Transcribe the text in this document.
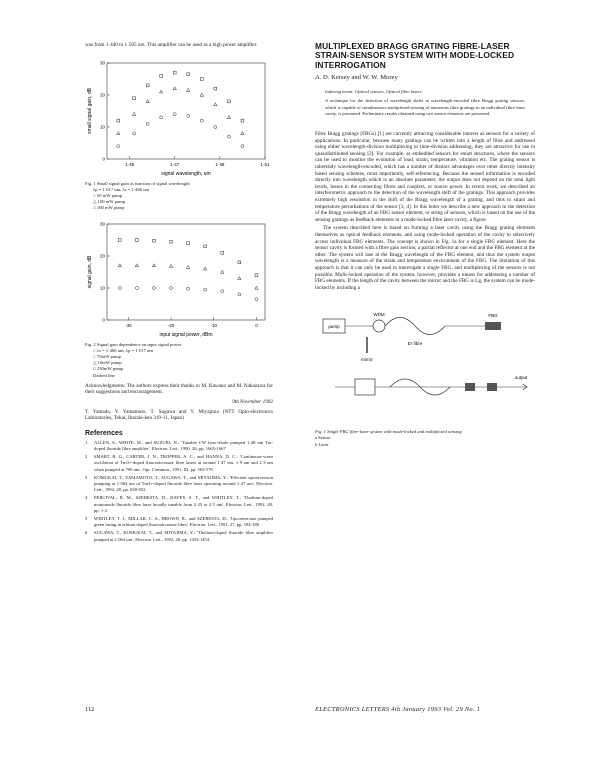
was from 1·440 to 1·505 um. This amplifier can be used as a high power amplifier.

small signal gain, dB
30
20
10
0
1·45	1·47	1·49	1·51
signal wavelength, um

Fig. 1 Small signal gain as function of signal wavelength

λp = 1·017 um, λs = 1·466 um

○ 50 mW pump

△ 100 mW pump

□ 160 mW pump

signal gain, dB
30
20
10
0
-30	-20	-10	0
input signal power, dBm

Fig. 2 Signal gain dependence on input signal power

○ λs = 1·466 um, λp = 1·017 um

○ 70mW pump

△ 10mW pump

□ 230mW pump

Dashed line

Acknowledgments: The authors express their thanks to M. Kawano and M. Nakazawa for their suggestions and encouragement.

9th November 1992

T. Yamada, Y. Yamamoto, T. Sugawa and Y. Miyajima (NTT Opto-electronics Laboratories, Tokai, Ibaraki-ken 319-11, Japan)

References
1	ALLEN, S., WHITE, M., and SUZUKI, N.: 'Tunable CW laser-diode pumped 1·48 um Tm-doped fluoride fibre amplifier', Electron. Lett., 1990, 26, pp. 1665-1667
2	SMART, R. G., CARTER, J. N., TROPPER, A. C., and HANNA, D. C.: 'Continuous-wave oscillation of Tm3+-doped fluorozirconate fibre lasers at around 1·47 um, 1·9 um and 2·3 um when pumped at 790 nm', Opt. Commun., 1991, 82, pp. 563-570
3	KOMUKAI, T., YAMAMOTO, T., SUGAWA, T., and MIYAJIMA, Y.: 'Efficient upconversion pumping at 1·064 um of Tm3+-doped fluoride fibre laser operating around 1·47 um', Electron. Lett., 1992, 28, pp. 830-832
4	PERCIVAL, R. M., SZEBESTA, D., DAVEY, S. T., and WHITLEY, T.: 'Thulium-doped monomode fluoride fibre laser broadly tunable from 2·25 to 2·5 um', Electron. Lett., 1992, 28, pp. 1-2
5	WHITLEY, T. J., MILLAR, C. A., BROWN, R., and SZEBESTA, D.: 'Upconversion pumped green lasing in erbium doped fluorozirconate fibre', Electron. Lett., 1991, 27, pp. 184-186
6	SUGAWA, T., KOMUKAI, T., and MIYAJIMA, Y.: 'Thulium-doped fluoride fibre amplifier pumped at 1·064 um', Electron. Lett., 1992, 26, pp. 1453-1454
MULTIPLEXED BRAGG GRATING FIBRE-LASER STRAIN-SENSOR SYSTEM WITH MODE-LOCKED INTERROGATION
A. D. Kersey and W. W. Morey

Indexing terms: Optical sensors, Optical fibre lasers

A technique for the detection of wavelength shifts in wavelength-encoded fibre Bragg grating sensors, which is capable of simultaneous multiplexed sensing of numerous fibre gratings in an individual fibre-laser cavity, is presented. Preliminary results obtained using two sensor elements are presented.

Fibre Bragg gratings (FBGs) [1] are currently attracting considerable interest as sensors for a variety of applications. In particular, because many gratings can be written into a length of fibre and addressed using either wavelength-division multiplexing or time-division addressing, they are attractive for use in quasidistributed sensing [2]. For example, as embedded sensors for smart structures, where the sensors can be used to monitor the evolution of load, strain, temperature, vibration etc. The grating sensor is inherently wavelength-encoded, which has a number of distinct advantages over other directly intensity based sensing schemes, most importantly, self-referencing. Because the sensed information is encoded directly into wavelength which is an absolute parameter, the output does not depend on the total light levels, losses in the connecting fibres and couplers, or source power. In recent work, we described an interferometric approach to the detection of the wavelength shift of the gratings. This approach provides extremely high resolution in the shift of the Bragg wavelength of a grating, and thus to strain and temperature perturbations of the sensor [3, 4]. In this letter we describe a new approach to the detection of the Bragg wavelength of an FBG sensor element, or string of sensors, which is based on the use of the sensing gratings as feedback elements in a mode-locked fibre laser cavity, a figure

The system described here is based on forming a laser cavity using the Bragg grating elements themselves as optical feedback elements, and using mode-locked operation of the cavity to selectively access individual FBG elements. The concept is shown in Fig. 1a for a single FBG element. Here the sensor cavity is formed with a fibre gain section, a partial reflector at one end and the FBG element at the other. The system will lase at the Bragg wavelength of the FBG element, and thus the system output wavelength is a measure of the strain and temperature environment of the FBG. The limitation of this approach is that it can only be used to interrogate a single FBG, and multiplexing of the sensors is not possible. Multi-locked operation of the system, however, provides a means for addressing a number of FBG elements. If the length of the cavity between the mirror and the FBG is Lg, the system can be mode-locked by including a

pump
WDM
Er fibre
FBG
mirror
output

Fig. 1 Single FBG fibre-laser system with mode-locked and multiplexed sensing

a Sensor

b Laser

112	ELECTRONICS LETTERS 4th January 1993 Vol. 29 No. 1
